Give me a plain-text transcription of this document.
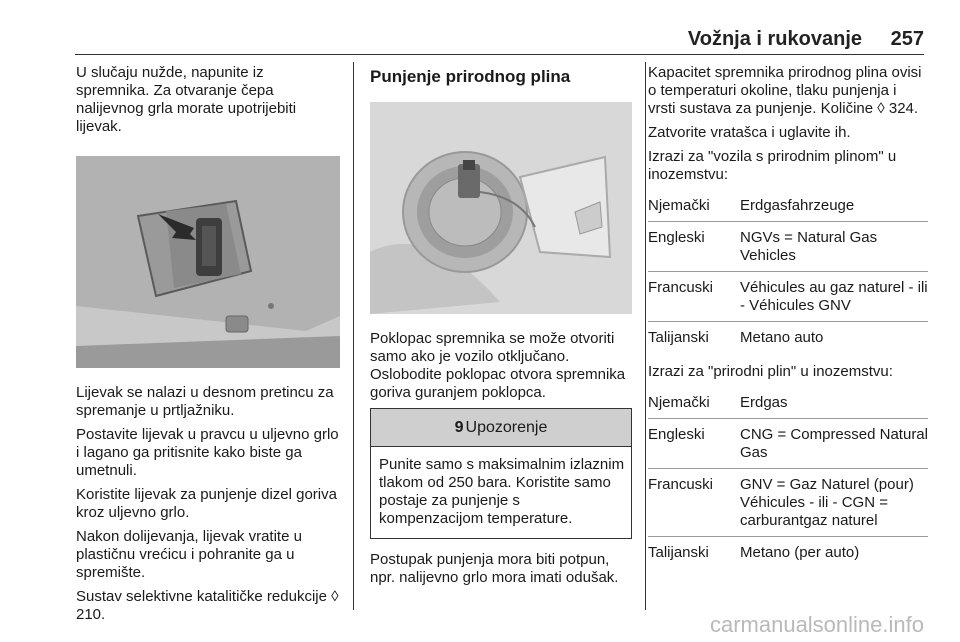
Vožnja i rukovanje 257

U slučaju nužde, napunite iz spremnika. Za otvaranje čepa nalijevnog grla morate upotrijebiti lijevak.

Lijevak se nalazi u desnom pretincu za spremanje u prtljažniku.

Postavite lijevak u pravcu u uljevno grlo i lagano ga pritisnite kako biste ga umetnuli.

Koristite lijevak za punjenje dizel goriva kroz uljevno grlo.

Nakon dolijevanja, lijevak vratite u plastičnu vrećicu i pohranite ga u spremište.

Sustav selektivne katalitičke redukcije ◊ 210.

Punjenje prirodnog plina

Poklopac spremnika se može otvoriti samo ako je vozilo otključano. Oslobodite poklopac otvora spremnika goriva guranjem poklopca.

9 Upozorenje
Punite samo s maksimalnim izlaznim tlakom od 250 bara. Koristite samo postaje za punjenje s kompenzacijom temperature.

Postupak punjenja mora biti potpun, npr. nalijevno grlo mora imati odušak.

Kapacitet spremnika prirodnog plina ovisi o temperaturi okoline, tlaku punjenja i vrsti sustava za punjenje. Količine ◊ 324.

Zatvorite vratašca i uglavite ih.

Izrazi za "vozila s prirodnim plinom" u inozemstvu:

Njemački	Erdgasfahrzeuge
Engleski	NGVs = Natural Gas Vehicles
Francuski	Véhicules au gaz naturel - ili - Véhicules GNV
Talijanski	Metano auto

Izrazi za "prirodni plin" u inozemstvu:

Njemački	Erdgas
Engleski	CNG = Compressed Natural Gas
Francuski	GNV = Gaz Naturel (pour) Véhicules - ili - CGN = carburantgaz naturel
Talijanski	Metano (per auto)
carmanualsonline.info
